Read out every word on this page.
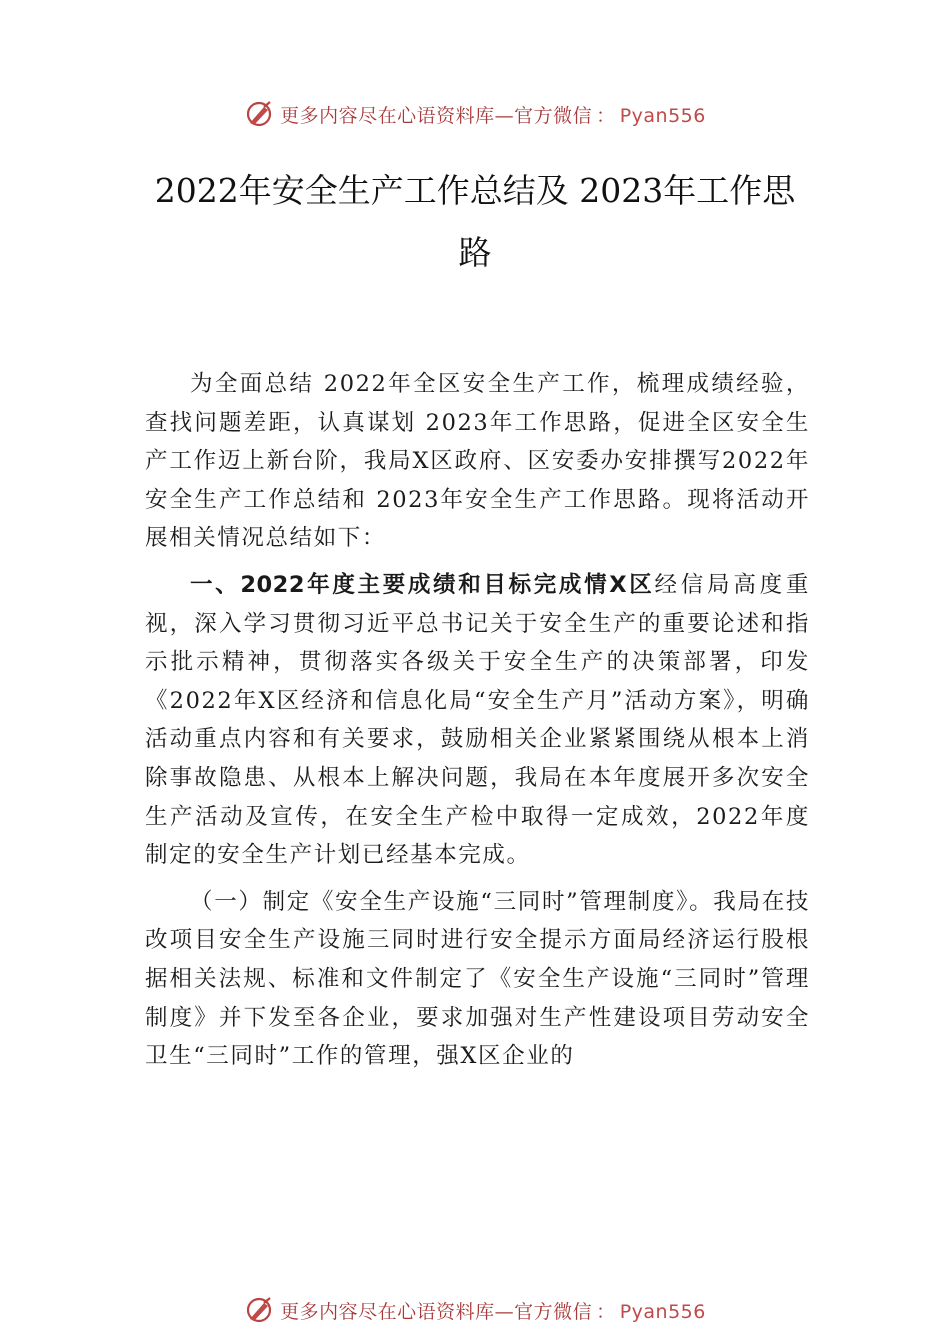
更多内容尽在心语资料库—官方微信 ： Pyan556
2022年安全生产工作总结及 2023年工作思路

为全面总结 2022年全区安全生产工作，梳理成绩经验，查找问题差距，认真谋划 2023年工作思路，促进全区安全生产工作迈上新台阶，我局X区政府、区安委办安排撰写2022年安全生产工作总结和 2023年安全生产工作思路。现将活动开展相关情况总结如下：

一、2022年度主要成绩和目标完成情X区经信局高度重视，深入学习贯彻习近平总书记关于安全生产的重要论述和指示批示精神，贯彻落实各级关于安全生产的决策部署，印发《2022年X区经济和信息化局“安全生产月”活动方案》，明确活动重点内容和有关要求，鼓励相关企业紧紧围绕从根本上消除事故隐患、从根本上解决问题，我局在本年度展开多次安全生产活动及宣传，在安全生产检中取得一定成效，2022年度制定的安全生产计划已经基本完成。

（一）制定《安全生产设施“三同时”管理制度》。我局在技改项目安全生产设施三同时进行安全提示方面局经济运行股根据相关法规、标准和文件制定了《安全生产设施“三同时”管理制度》并下发至各企业，要求加强对生产性建设项目劳动安全卫生“三同时”工作的管理，强X区企业的

更多内容尽在心语资料库—官方微信 ： Pyan556
